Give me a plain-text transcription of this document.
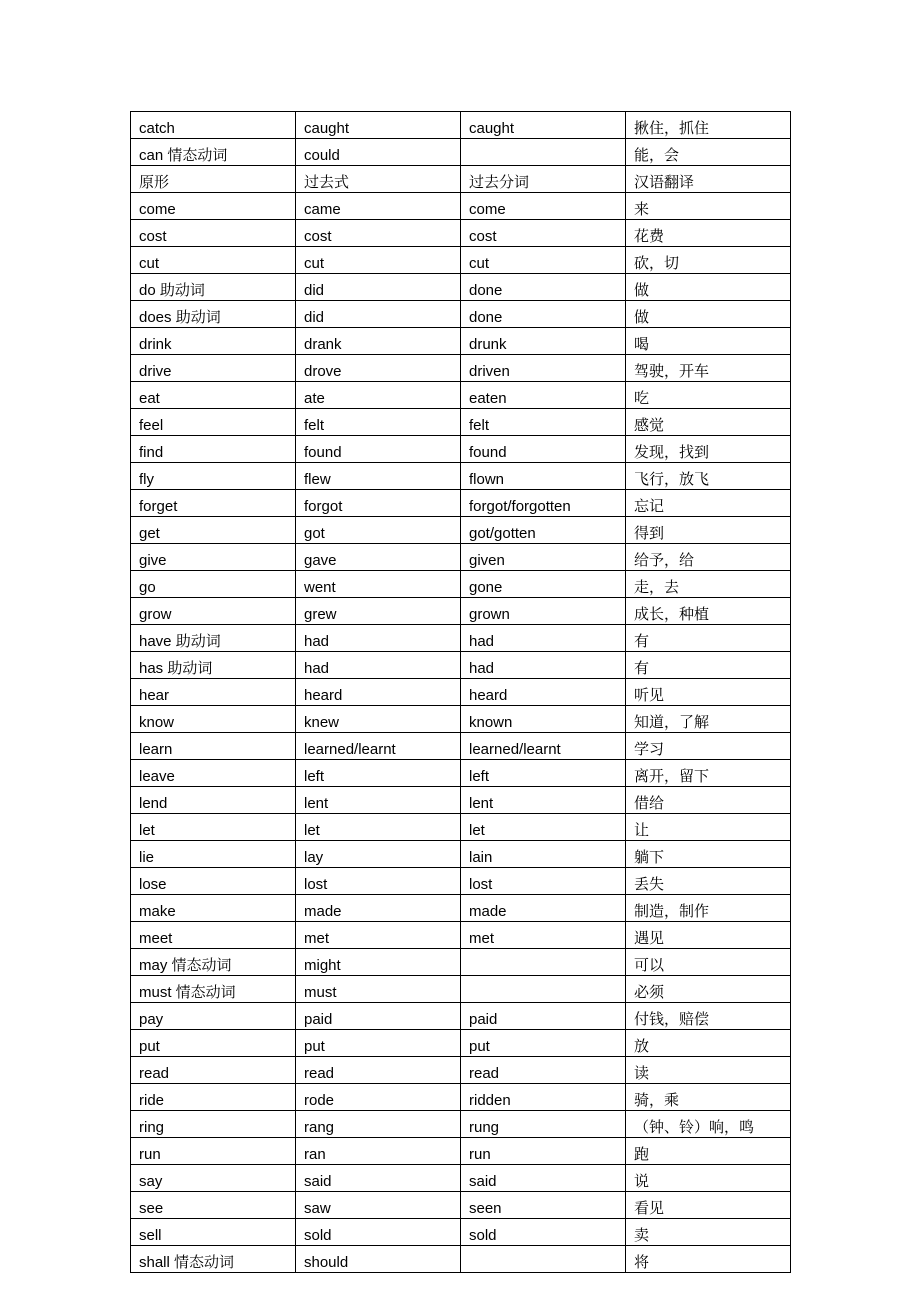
catch	caught	caught	揪住，抓住
can 情态动词	could		能，会
原形	过去式	过去分词	汉语翻译
come	came	come	来
cost	cost	cost	花费
cut	cut	cut	砍，切
do 助动词	did	done	做
does 助动词	did	done	做
drink	drank	drunk	喝
drive	drove	driven	驾驶，开车
eat	ate	eaten	吃
feel	felt	felt	感觉
find	found	found	发现，找到
fly	flew	flown	飞行，放飞
forget	forgot	forgot/forgotten	忘记
get	got	got/gotten	得到
give	gave	given	给予，给
go	went	gone	走，去
grow	grew	grown	成长，种植
have 助动词	had	had	有
has 助动词	had	had	有
hear	heard	heard	听见
know	knew	known	知道，了解
learn	learned/learnt	learned/learnt	学习
leave	left	left	离开，留下
lend	lent	lent	借给
let	let	let	让
lie	lay	lain	躺下
lose	lost	lost	丢失
make	made	made	制造，制作
meet	met	met	遇见
may 情态动词	might		可以
must 情态动词	must		必须
pay	paid	paid	付钱，赔偿
put	put	put	放
read	read	read	读
ride	rode	ridden	骑，乘
ring	rang	rung	（钟、铃）响，鸣
run	ran	run	跑
say	said	said	说
see	saw	seen	看见
sell	sold	sold	卖
shall 情态动词	should		将
